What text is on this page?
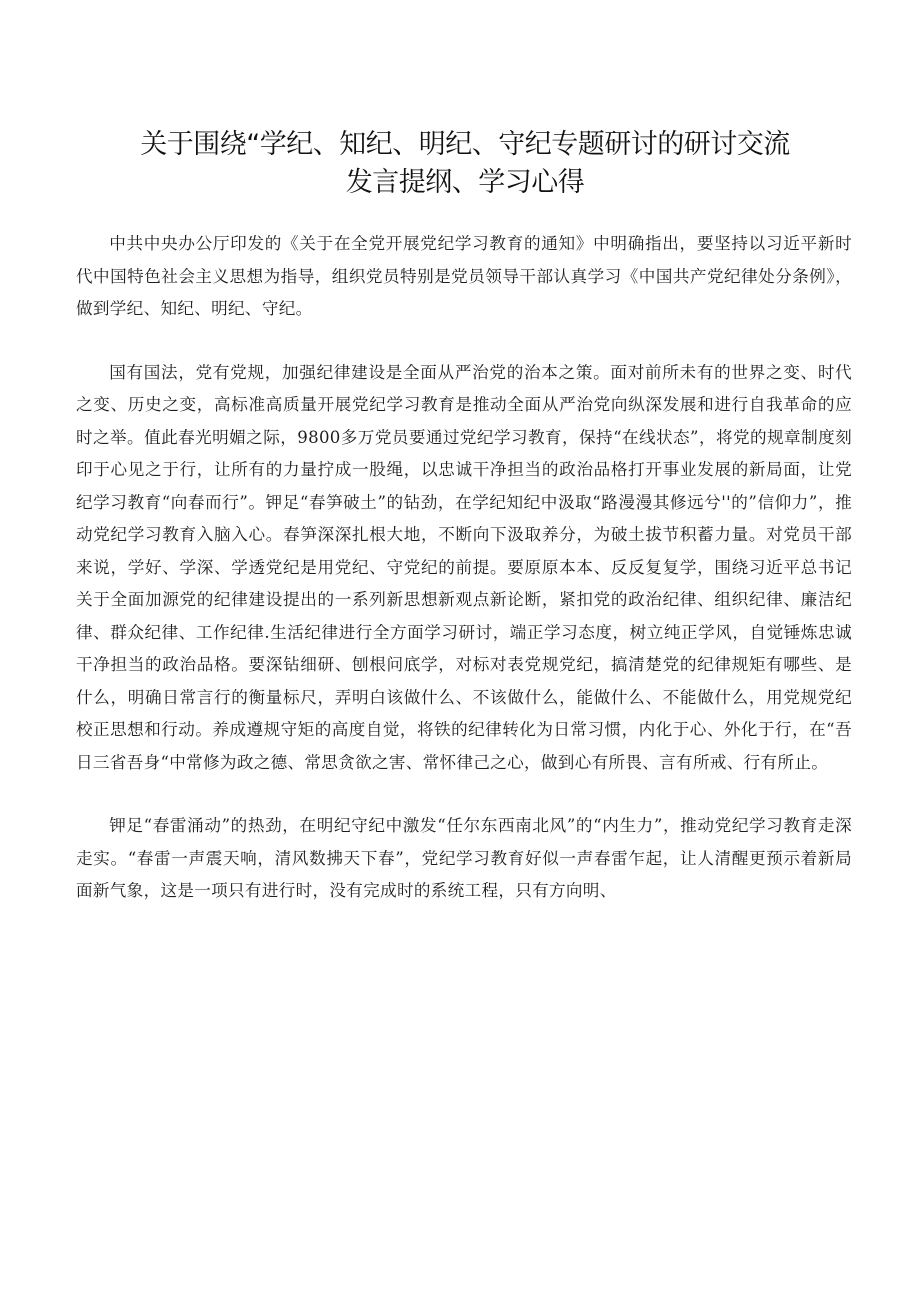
关于围绕“学纪、知纪、明纪、守纪专题研讨的研讨交流
发言提纲、学习心得

中共中央办公厅印发的《关于在全党开展党纪学习教育的通知》中明确指出，要坚持以习近平新时代中国特色社会主义思想为指导，组织党员特别是党员领导干部认真学习《中国共产党纪律处分条例》，做到学纪、知纪、明纪、守纪。

国有国法，党有党规，加强纪律建设是全面从严治党的治本之策。面对前所未有的世界之变、时代之变、历史之变，高标准高质量开展党纪学习教育是推动全面从严治党向纵深发展和进行自我革命的应时之举。值此春光明媚之际，9800多万党员要通过党纪学习教育，保持“在线状态”，将党的规章制度刻印于心见之于行，让所有的力量拧成一股绳，以忠诚干净担当的政治品格打开事业发展的新局面，让党纪学习教育“向春而行”。钾足“春笋破土”的钻劲，在学纪知纪中汲取“路漫漫其修远兮''的”信仰力”，推动党纪学习教育入脑入心。春笋深深扎根大地，不断向下汲取养分，为破土拔节积蓄力量。对党员干部来说，学好、学深、学透党纪是用党纪、守党纪的前提。要原原本本、反反复复学，围绕习近平总书记关于全面加源党的纪律建设提出的一系列新思想新观点新论断，紧扣党的政治纪律、组织纪律、廉洁纪律、群众纪律、工作纪律.生活纪律进行全方面学习研讨，端正学习态度，树立纯正学风，自觉锤炼忠诚干净担当的政治品格。要深钻细研、刨根问底学，对标对表党规党纪，搞清楚党的纪律规矩有哪些、是什么，明确日常言行的衡量标尺，弄明白该做什么、不该做什么，能做什么、不能做什么，用党规党纪校正思想和行动。养成遵规守矩的高度自觉，将铁的纪律转化为日常习惯，内化于心、外化于行，在“吾日三省吾身“中常修为政之德、常思贪欲之害、常怀律己之心，做到心有所畏、言有所戒、行有所止。

钾足“春雷涌动”的热劲，在明纪守纪中激发“任尔东西南北风”的“内生力”，推动党纪学习教育走深走实。“春雷一声震天响，清风数拂天下春”，党纪学习教育好似一声春雷乍起，让人清醒更预示着新局面新气象，这是一项只有进行时，没有完成时的系统工程，只有方向明、
